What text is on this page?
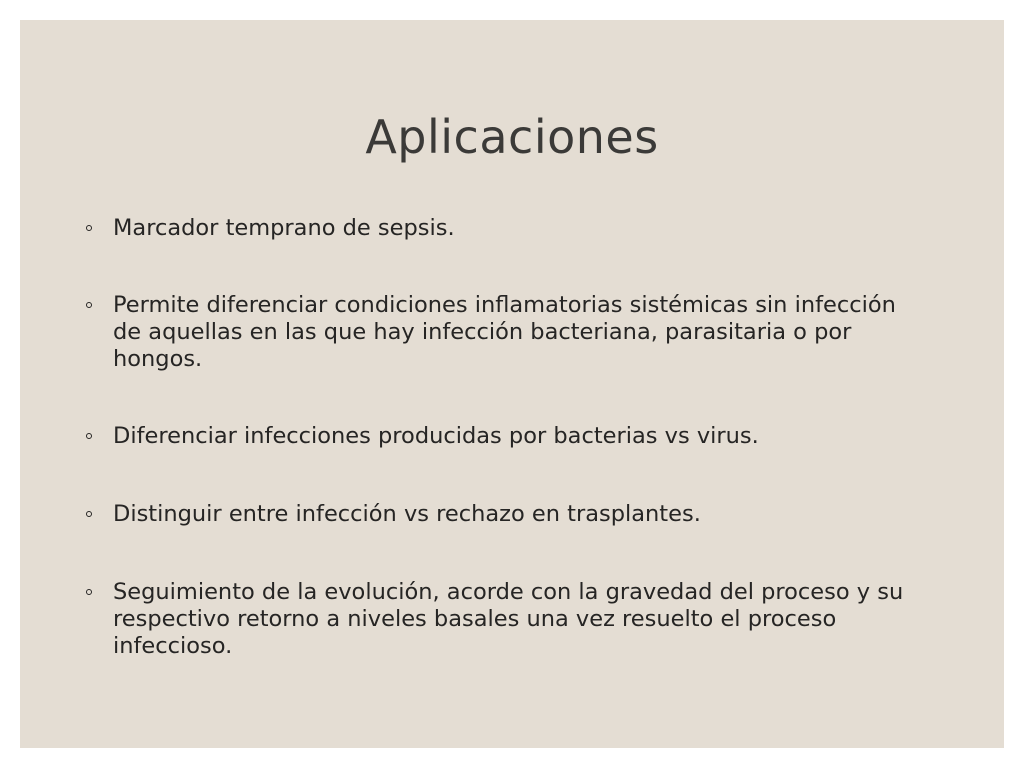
Aplicaciones
Marcador temprano de sepsis.
Permite diferenciar condiciones inflamatorias sistémicas sin infección de aquellas en las que hay infección bacteriana, parasitaria o por hongos.
Diferenciar infecciones producidas por bacterias vs virus.
Distinguir entre infección vs rechazo en trasplantes.
Seguimiento de la evolución, acorde con la gravedad del proceso y su respectivo retorno a niveles basales una vez resuelto el proceso infeccioso.
